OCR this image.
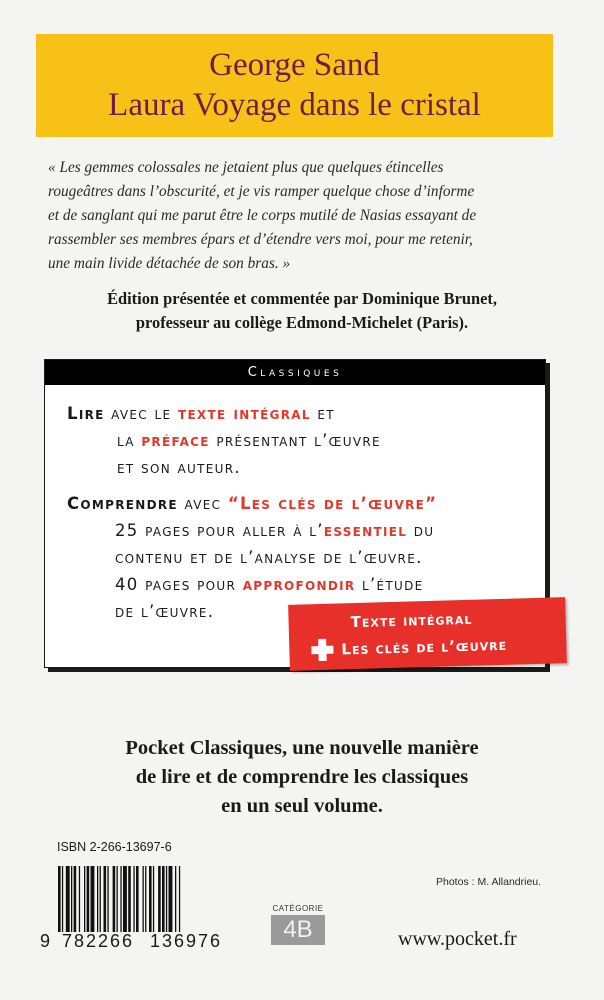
George Sand
Laura Voyage dans le cristal

« Les gemmes colossales ne jetaient plus que quelques étincelles

rougeâtres dans l’obscurité, et je vis ramper quelque chose d’informe

et de sanglant qui me parut être le corps mutilé de Nasias essayant de

rassembler ses membres épars et d’étendre vers moi, pour me retenir,

une main livide détachée de son bras. »

Édition présentée et commentée par Dominique Brunet,

professeur au collège Edmond-Michelet (Paris).

Classiques
Lire avec le texte intégral et
la préface présentant l’œuvre
et son auteur.
Comprendre avec “Les clés de l’œuvre”
25 pages pour aller à l’essentiel du
contenu et de l’analyse de l’œuvre.
40 pages pour approfondir l’étude
de l’œuvre.	Texte intégral
Les clés de l’œuvre

Pocket Classiques, une nouvelle manière

de lire et de comprendre les classiques

en un seul volume.

ISBN 2-266-13697-6
9 782266 136976
Photos : M. Allandrieu.
CATÉGORIE
4B	www.pocket.fr
